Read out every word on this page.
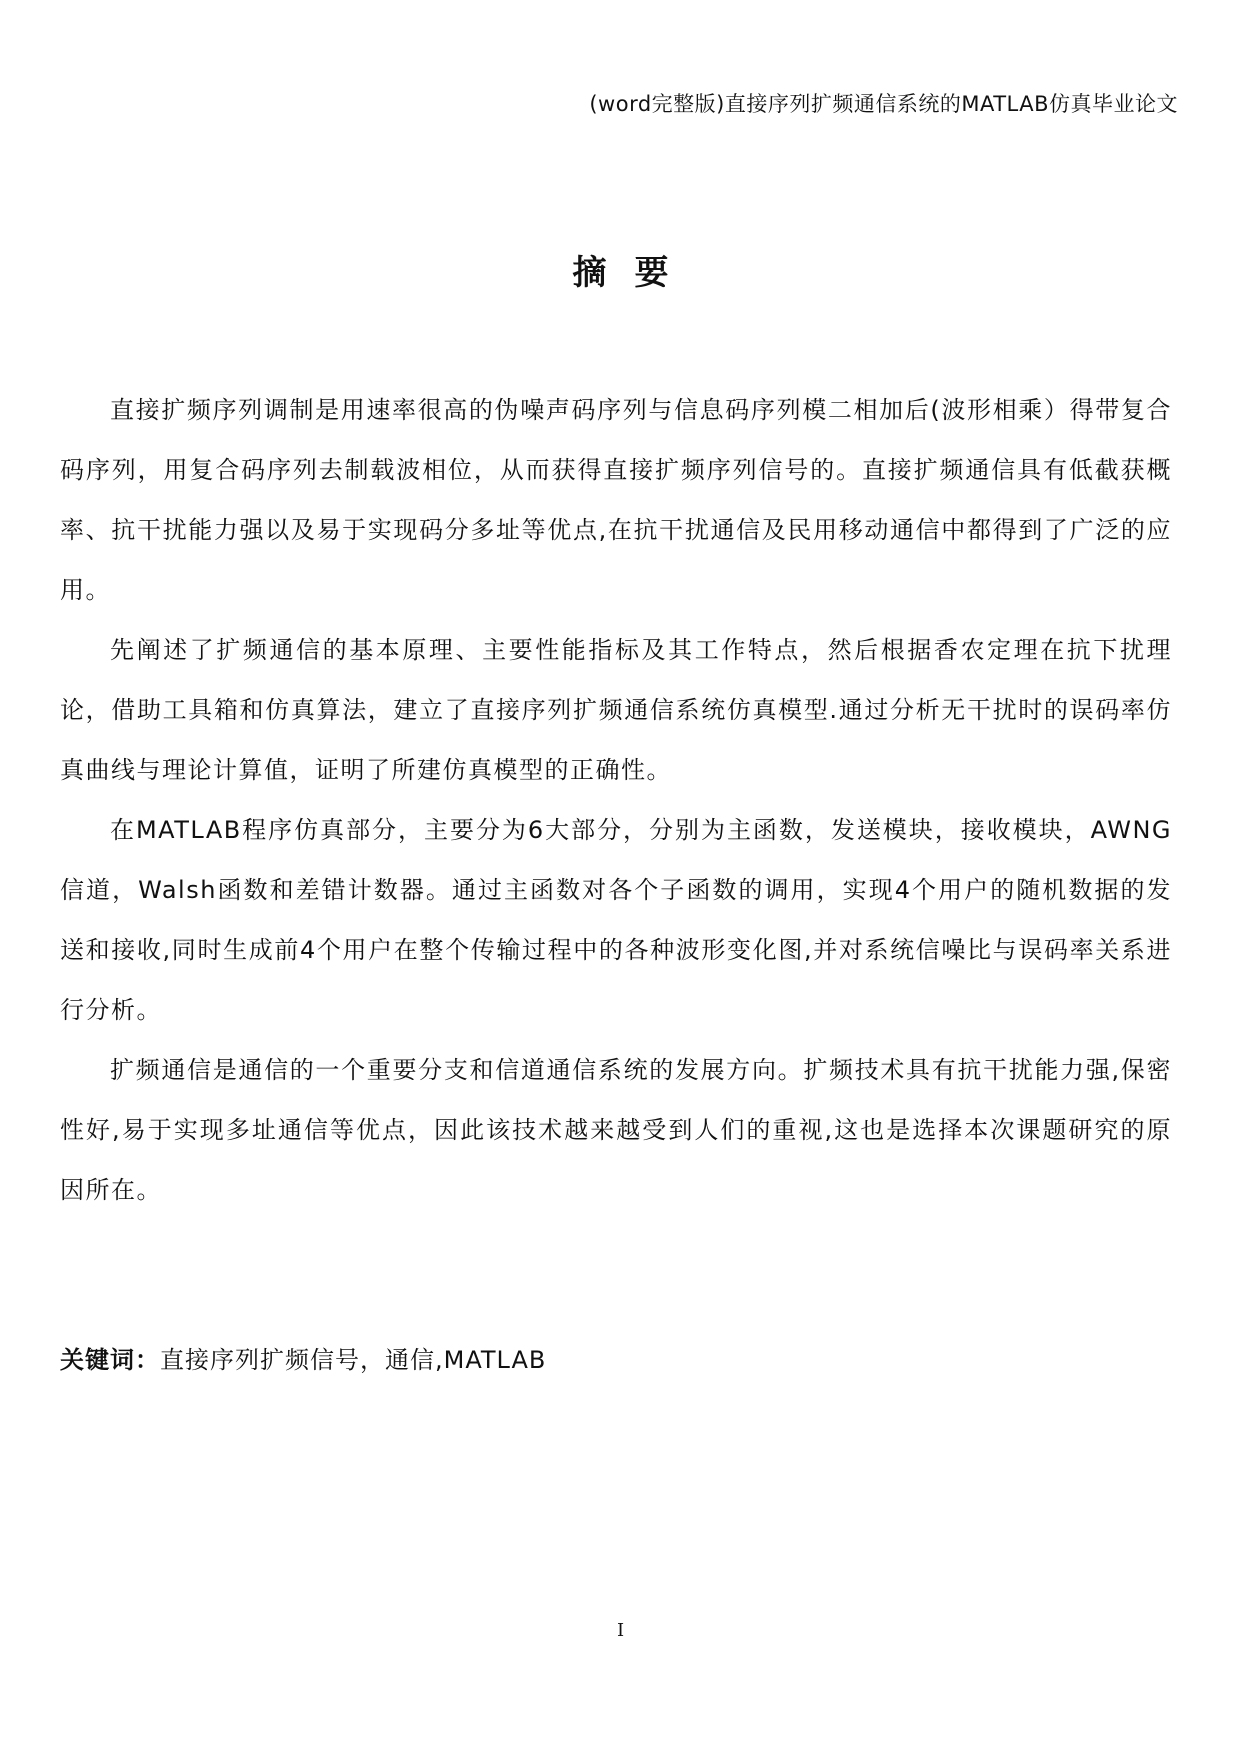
(word完整版)直接序列扩频通信系统的MATLAB仿真毕业论文
摘要

直接扩频序列调制是用速率很高的伪噪声码序列与信息码序列模二相加后(波形相乘）得带复合码序列，用复合码序列去制载波相位，从而获得直接扩频序列信号的。直接扩频通信具有低截获概率、抗干扰能力强以及易于实现码分多址等优点,在抗干扰通信及民用移动通信中都得到了广泛的应用。

先阐述了扩频通信的基本原理、主要性能指标及其工作特点，然后根据香农定理在抗下扰理论，借助工具箱和仿真算法，建立了直接序列扩频通信系统仿真模型.通过分析无干扰时的误码率仿真曲线与理论计算值，证明了所建仿真模型的正确性。

在MATLAB程序仿真部分，主要分为6大部分，分别为主函数，发送模块，接收模块，AWNG信道，Walsh函数和差错计数器。通过主函数对各个子函数的调用，实现4个用户的随机数据的发送和接收,同时生成前4个用户在整个传输过程中的各种波形变化图,并对系统信噪比与误码率关系进行分析。

扩频通信是通信的一个重要分支和信道通信系统的发展方向。扩频技术具有抗干扰能力强,保密性好,易于实现多址通信等优点，因此该技术越来越受到人们的重视,这也是选择本次课题研究的原因所在。

关键词：直接序列扩频信号，通信,MATLAB
I
